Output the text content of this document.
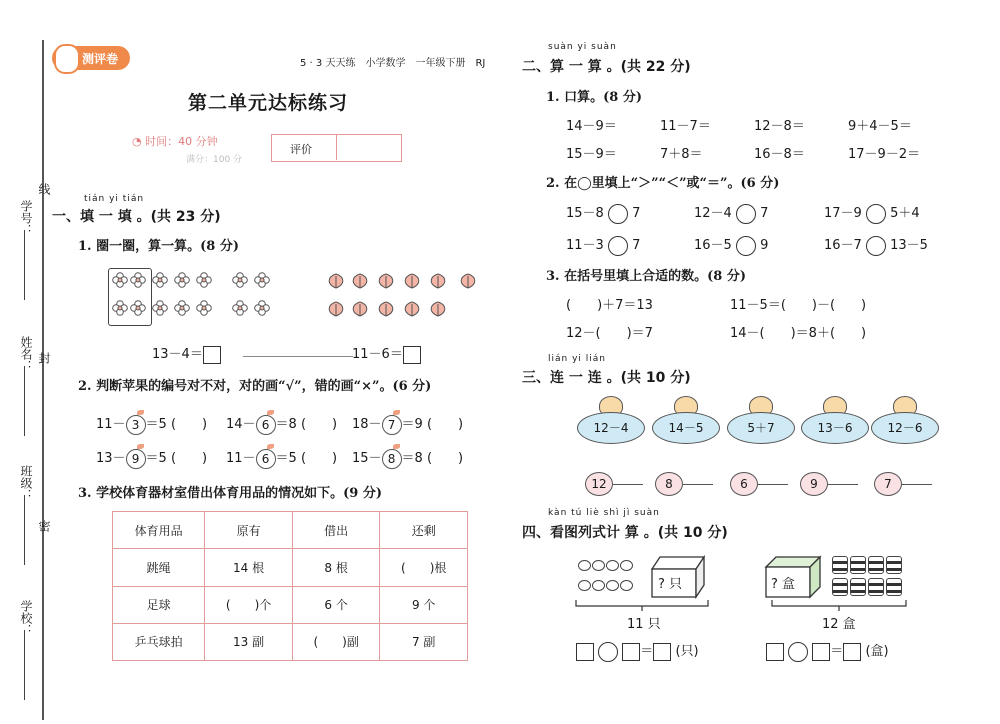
学号：
线
姓名： 封
班级：
密
学校：
测评卷	5 · 3 天天练　小学数学　一年级下册　RJ
第二单元达标练习
◔ 时间：40 分钟
满分：100 分
评价
tián yi tián
一、填 一 填 。(共 23 分)
1. 圈一圈，算一算。(8 分)
13－4＝	11－6＝
2. 判断苹果的编号对不对，对的画“√”，错的画“×”。(6 分)
3. 学校体育器材室借出体育用品的情况如下。(9 分)
体育用品	原有	借出	还剩
跳绳	14 根	8 根	(　　)根
足球	(　　)个	6 个	9 个
乒乓球拍	13 副	(　　)副	7 副
suàn yi suàn
二、算 一 算 。(共 22 分)
1. 口算。(8 分)
2. 在◯里填上“＞”“＜”或“＝”。(6 分)
3. 在括号里填上合适的数。(8 分)
(　　)＋7＝13	11－5＝(　　)－(　　)
12－(　　)＝7	14－(　　)＝8＋(　　)
lián yi lián
三、连 一 连 。(共 10 分)
kàn tú liè shì jì suàn
四、看图列式计 算 。(共 10 分)
? 只
11 只
＝ (只)
? 盒
12 盒
＝ (盒)
11－ 3 ＝5 (　　) 14－ 6 ＝8 (　　) 18－ 7 ＝9 (　　)
13－ 9 ＝5 (　　) 11－ 6 ＝5 (　　) 15－ 8 ＝8 (　　)
14－9＝	11－7＝	12－8＝	9＋4－5＝
15－9＝	7＋8＝	16－8＝	17－9－2＝
15－8  7	12－4  7	17－9  5＋4
11－3  7	16－5  9	16－7  13－5
12－4	14－5	5＋7	13－6	12－6
12	8	6	9	7
